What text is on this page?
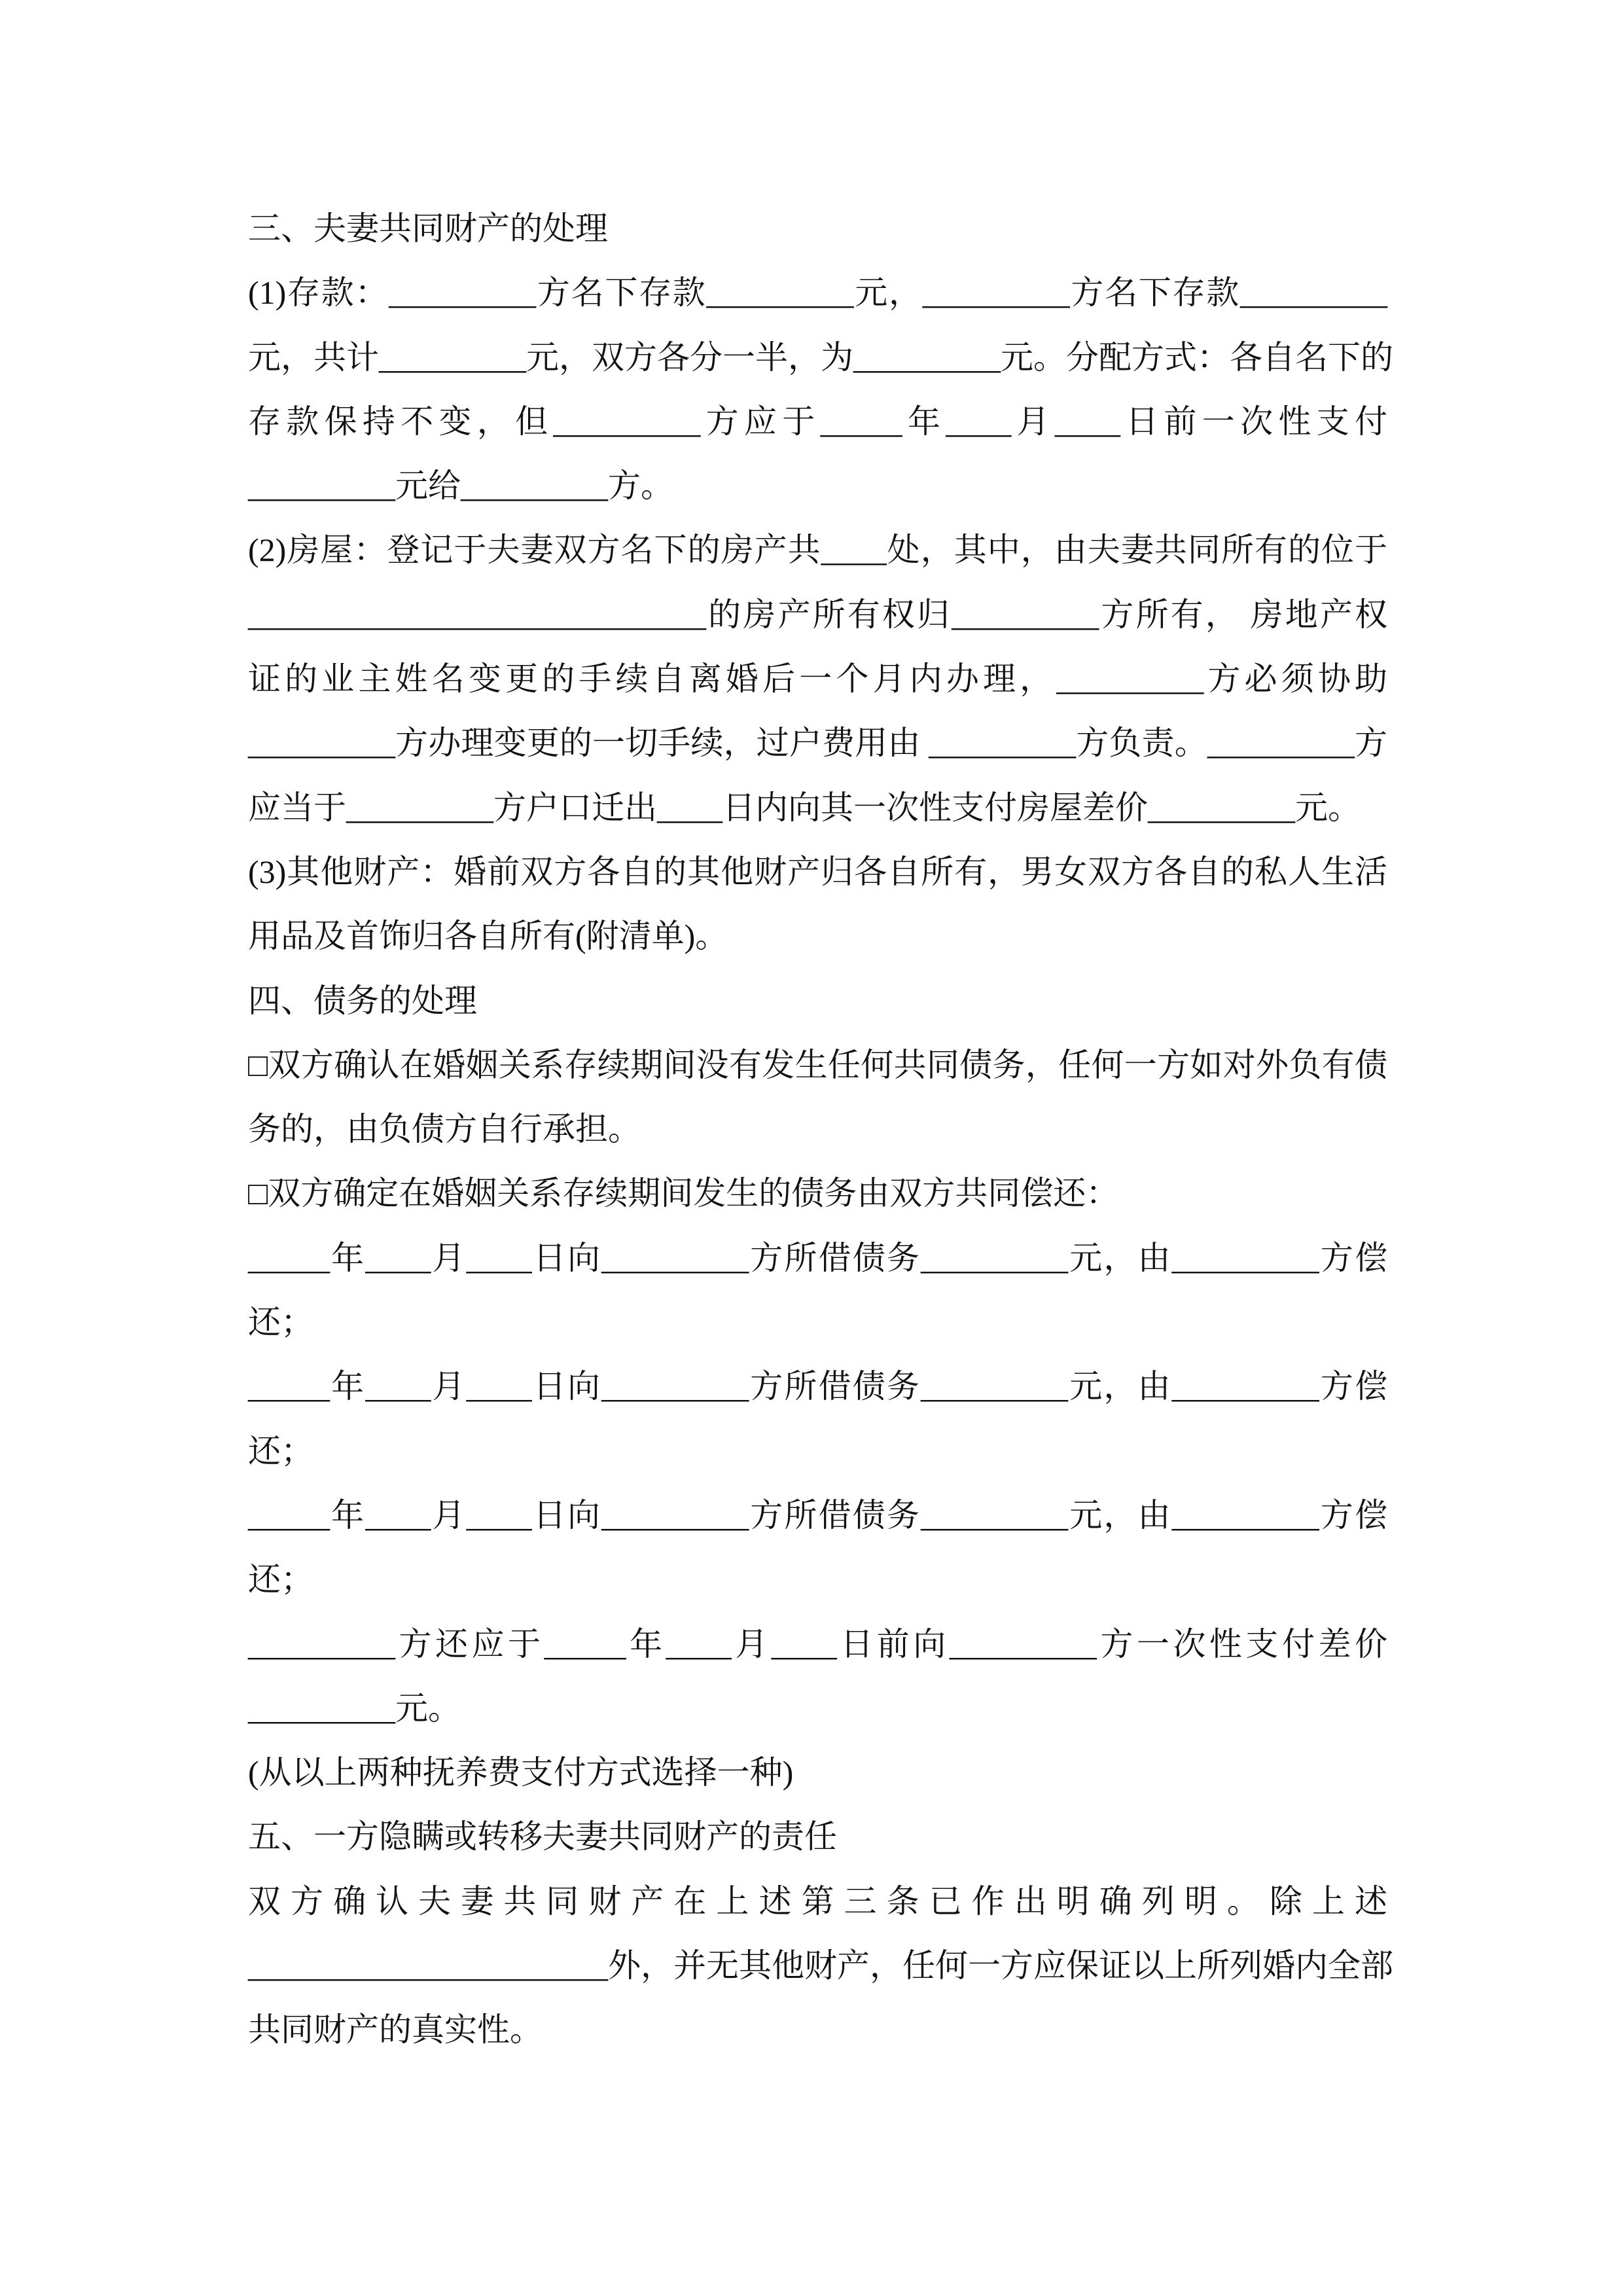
三、夫妻共同财产的处理
(1)存款：_________方名下存款_________元，_________方名下存款_________
元，共计_________元，双方各分一半，为_________元。分配方式：各自名下的
存款保持不变，但_________方应于_____年____月____日前一次性支付
_________元给_________方。
(2)房屋：登记于夫妻双方名下的房产共____处，其中，由夫妻共同所有的位于
____________________________的房产所有权归_________方所有， 房地产权
证的业主姓名变更的手续自离婚后一个月内办理，_________方必须协助
_________方办理变更的一切手续，过户费用由 _________方负责。_________方
应当于_________方户口迁出____日内向其一次性支付房屋差价_________元。
(3)其他财产：婚前双方各自的其他财产归各自所有，男女双方各自的私人生活
用品及首饰归各自所有(附清单)。
四、债务的处理
□双方确认在婚姻关系存续期间没有发生任何共同债务，任何一方如对外负有债
务的，由负债方自行承担。
□双方确定在婚姻关系存续期间发生的债务由双方共同偿还：
_____年____月____日向_________方所借债务_________元，由_________方偿
还；
_____年____月____日向_________方所借债务_________元，由_________方偿
还；
_____年____月____日向_________方所借债务_________元，由_________方偿
还；
_________方还应于_____年____月____日前向_________方一次性支付差价
_________元。
(从以上两种抚养费支付方式选择一种)
五、一方隐瞒或转移夫妻共同财产的责任
双方确认夫妻共同财产在上述第三条已作出明确列明。除上述
______________________外，并无其他财产，任何一方应保证以上所列婚内全部
共同财产的真实性。
